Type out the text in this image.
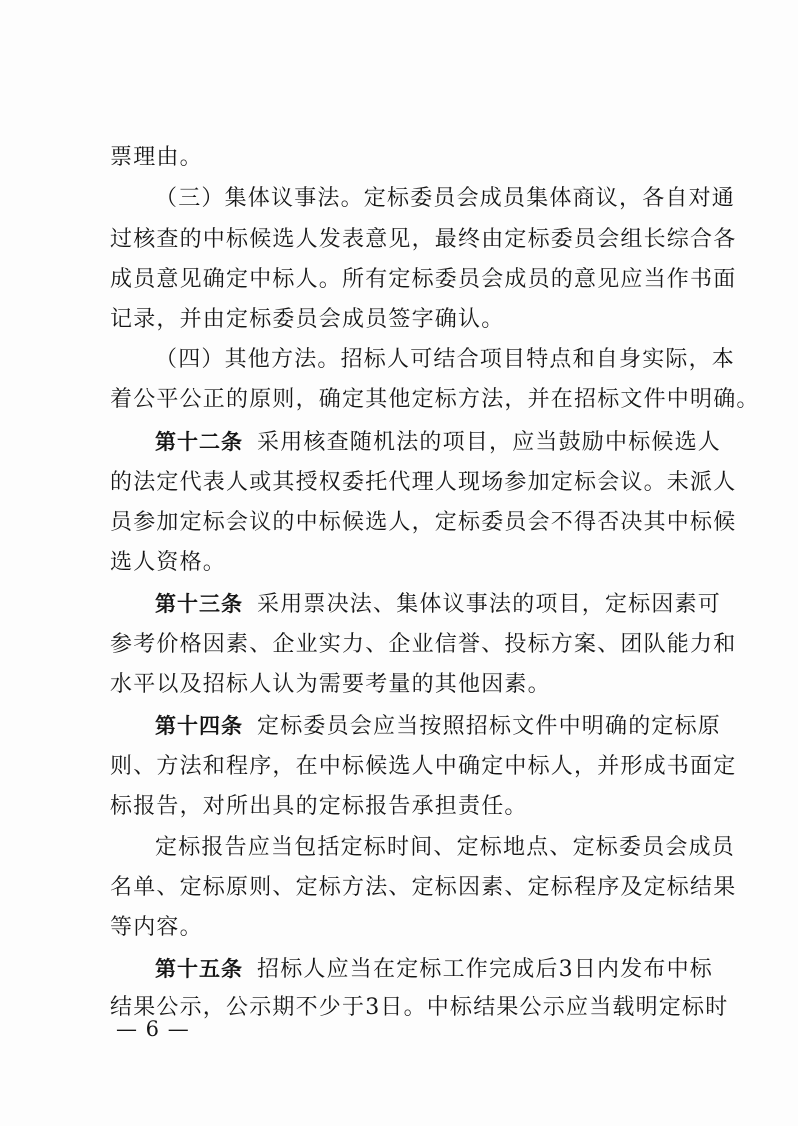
票理由。
（三）集体议事法。定标委员会成员集体商议，各自对通
过核查的中标候选人发表意见，最终由定标委员会组长综合各
成员意见确定中标人。所有定标委员会成员的意见应当作书面
记录，并由定标委员会成员签字确认。
（四）其他方法。招标人可结合项目特点和自身实际，本
着公平公正的原则，确定其他定标方法，并在招标文件中明确。
第十二条 采用核查随机法的项目，应当鼓励中标候选人
的法定代表人或其授权委托代理人现场参加定标会议。未派人
员参加定标会议的中标候选人，定标委员会不得否决其中标候
选人资格。
第十三条 采用票决法、集体议事法的项目，定标因素可
参考价格因素、企业实力、企业信誉、投标方案、团队能力和
水平以及招标人认为需要考量的其他因素。
第十四条 定标委员会应当按照招标文件中明确的定标原
则、方法和程序，在中标候选人中确定中标人，并形成书面定
标报告，对所出具的定标报告承担责任。
定标报告应当包括定标时间、定标地点、定标委员会成员
名单、定标原则、定标方法、定标因素、定标程序及定标结果
等内容。
第十五条 招标人应当在定标工作完成后3日内发布中标
结果公示，公示期不少于3日。中标结果公示应当载明定标时
— 6 —
